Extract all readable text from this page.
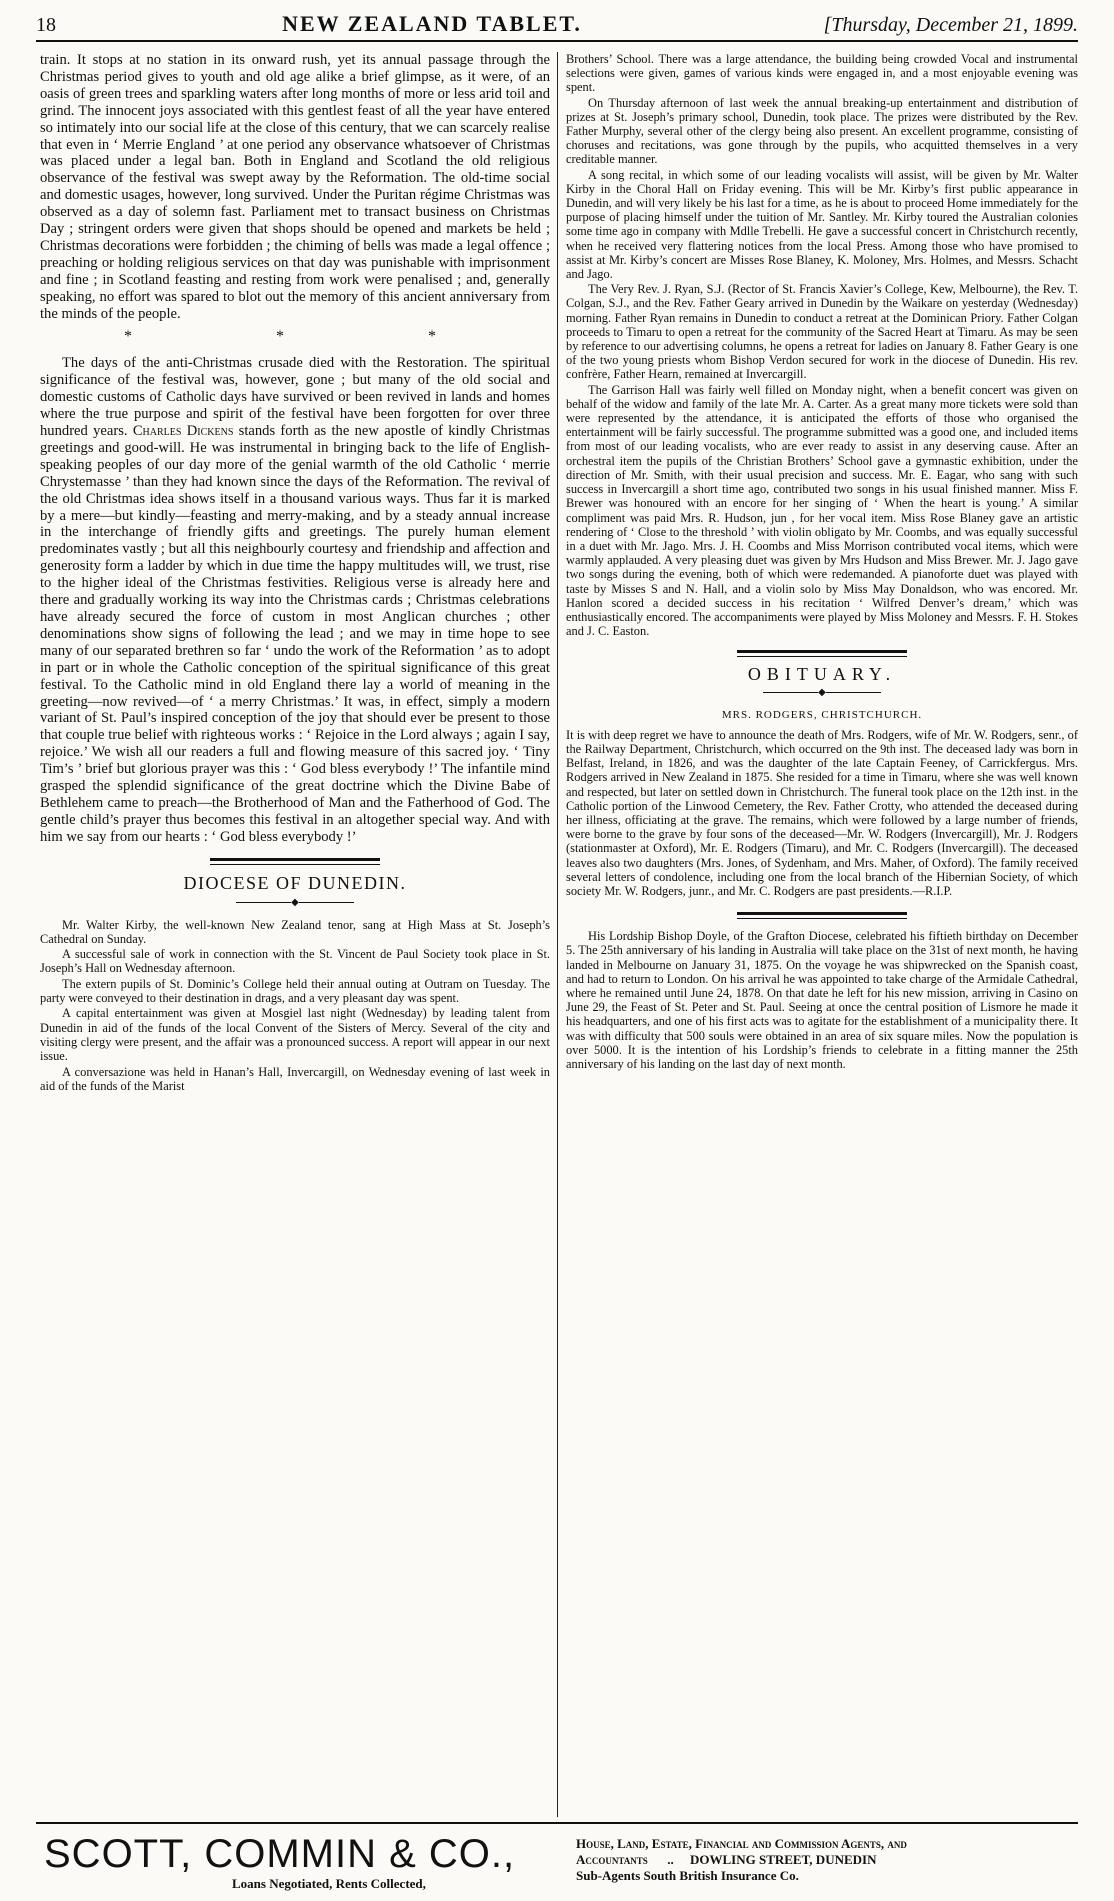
18	NEW ZEALAND TABLET.	[Thursday, December 21, 1899.

train. It stops at no station in its onward rush, yet its annual passage through the Christmas period gives to youth and old age alike a brief glimpse, as it were, of an oasis of green trees and sparkling waters after long months of more or less arid toil and grind. The innocent joys associated with this gentlest feast of all the year have entered so intimately into our social life at the close of this century, that we can scarcely realise that even in ‘ Merrie England ’ at one period any observance whatsoever of Christmas was placed under a legal ban. Both in England and Scotland the old religious observance of the festival was swept away by the Reformation. The old-time social and domestic usages, however, long survived. Under the Puritan régime Christmas was observed as a day of solemn fast. Parliament met to transact business on Christmas Day ; stringent orders were given that shops should be opened and markets be held ; Christmas decorations were forbidden ; the chiming of bells was made a legal offence ; preaching or holding religious services on that day was punishable with imprisonment and fine ; in Scotland feasting and resting from work were penalised ; and, generally speaking, no effort was spared to blot out the memory of this ancient anniversary from the minds of the people.

* * *

The days of the anti-Christmas crusade died with the Restoration. The spiritual significance of the festival was, however, gone ; but many of the old social and domestic customs of Catholic days have survived or been revived in lands and homes where the true purpose and spirit of the festival have been forgotten for over three hundred years. Charles Dickens stands forth as the new apostle of kindly Christmas greetings and good-will. He was instrumental in bringing back to the life of English-speaking peoples of our day more of the genial warmth of the old Catholic ‘ merrie Chrystemasse ’ than they had known since the days of the Reformation. The revival of the old Christmas idea shows itself in a thousand various ways. Thus far it is marked by a mere—but kindly—feasting and merry-making, and by a steady annual increase in the interchange of friendly gifts and greetings. The purely human element predominates vastly ; but all this neighbourly courtesy and friendship and affection and generosity form a ladder by which in due time the happy multitudes will, we trust, rise to the higher ideal of the Christmas festivities. Religious verse is already here and there and gradually working its way into the Christmas cards ; Christmas celebrations have already secured the force of custom in most Anglican churches ; other denominations show signs of following the lead ; and we may in time hope to see many of our separated brethren so far ‘ undo the work of the Reformation ’ as to adopt in part or in whole the Catholic conception of the spiritual significance of this great festival. To the Catholic mind in old England there lay a world of meaning in the greeting—now revived—of ‘ a merry Christmas.’ It was, in effect, simply a modern variant of St. Paul’s inspired conception of the joy that should ever be present to those that couple true belief with righteous works : ‘ Rejoice in the Lord always ; again I say, rejoice.’ We wish all our readers a full and flowing measure of this sacred joy. ‘ Tiny Tim’s ’ brief but glorious prayer was this : ‘ God bless everybody !’ The infantile mind grasped the splendid significance of the great doctrine which the Divine Babe of Bethlehem came to preach—the Brotherhood of Man and the Fatherhood of God. The gentle child’s prayer thus becomes this festival in an altogether special way. And with him we say from our hearts : ‘ God bless everybody !’

DIOCESE OF DUNEDIN.
◆

Mr. Walter Kirby, the well-known New Zealand tenor, sang at High Mass at St. Joseph’s Cathedral on Sunday.

A successful sale of work in connection with the St. Vincent de Paul Society took place in St. Joseph’s Hall on Wednesday afternoon.

The extern pupils of St. Dominic’s College held their annual outing at Outram on Tuesday. The party were conveyed to their destination in drags, and a very pleasant day was spent.

A capital entertainment was given at Mosgiel last night (Wednesday) by leading talent from Dunedin in aid of the funds of the local Convent of the Sisters of Mercy. Several of the city and visiting clergy were present, and the affair was a pronounced success. A report will appear in our next issue.

A conversazione was held in Hanan’s Hall, Invercargill, on Wednesday evening of last week in aid of the funds of the Marist

Brothers’ School. There was a large attendance, the building being crowded Vocal and instrumental selections were given, games of various kinds were engaged in, and a most enjoyable evening was spent.

On Thursday afternoon of last week the annual breaking-up entertainment and distribution of prizes at St. Joseph’s primary school, Dunedin, took place. The prizes were distributed by the Rev. Father Murphy, several other of the clergy being also present. An excellent programme, consisting of choruses and recitations, was gone through by the pupils, who acquitted themselves in a very creditable manner.

A song recital, in which some of our leading vocalists will assist, will be given by Mr. Walter Kirby in the Choral Hall on Friday evening. This will be Mr. Kirby’s first public appearance in Dunedin, and will very likely be his last for a time, as he is about to proceed Home immediately for the purpose of placing himself under the tuition of Mr. Santley. Mr. Kirby toured the Australian colonies some time ago in company with Mdlle Trebelli. He gave a successful concert in Christchurch recently, when he received very flattering notices from the local Press. Among those who have promised to assist at Mr. Kirby’s concert are Misses Rose Blaney, K. Moloney, Mrs. Holmes, and Messrs. Schacht and Jago.

The Very Rev. J. Ryan, S.J. (Rector of St. Francis Xavier’s College, Kew, Melbourne), the Rev. T. Colgan, S.J., and the Rev. Father Geary arrived in Dunedin by the Waikare on yesterday (Wednesday) morning. Father Ryan remains in Dunedin to conduct a retreat at the Dominican Priory. Father Colgan proceeds to Timaru to open a retreat for the community of the Sacred Heart at Timaru. As may be seen by reference to our advertising columns, he opens a retreat for ladies on January 8. Father Geary is one of the two young priests whom Bishop Verdon secured for work in the diocese of Dunedin. His rev. confrère, Father Hearn, remained at Invercargill.

The Garrison Hall was fairly well filled on Monday night, when a benefit concert was given on behalf of the widow and family of the late Mr. A. Carter. As a great many more tickets were sold than were represented by the attendance, it is anticipated the efforts of those who organised the entertainment will be fairly successful. The programme submitted was a good one, and included items from most of our leading vocalists, who are ever ready to assist in any deserving cause. After an orchestral item the pupils of the Christian Brothers’ School gave a gymnastic exhibition, under the direction of Mr. Smith, with their usual precision and success. Mr. E. Eagar, who sang with such success in Invercargill a short time ago, contributed two songs in his usual finished manner. Miss F. Brewer was honoured with an encore for her singing of ‘ When the heart is young.’ A similar compliment was paid Mrs. R. Hudson, jun , for her vocal item. Miss Rose Blaney gave an artistic rendering of ‘ Close to the threshold ’ with violin obligato by Mr. Coombs, and was equally successful in a duet with Mr. Jago. Mrs. J. H. Coombs and Miss Morrison contributed vocal items, which were warmly applauded. A very pleasing duet was given by Mrs Hudson and Miss Brewer. Mr. J. Jago gave two songs during the evening, both of which were redemanded. A pianoforte duet was played with taste by Misses S and N. Hall, and a violin solo by Miss May Donaldson, who was encored. Mr. Hanlon scored a decided success in his recitation ‘ Wilfred Denver’s dream,’ which was enthusiastically encored. The accompaniments were played by Miss Moloney and Messrs. F. H. Stokes and J. C. Easton.

OBITUARY.
◆
MRS. RODGERS, CHRISTCHURCH.

It is with deep regret we have to announce the death of Mrs. Rodgers, wife of Mr. W. Rodgers, senr., of the Railway Department, Christchurch, which occurred on the 9th inst. The deceased lady was born in Belfast, Ireland, in 1826, and was the daughter of the late Captain Feeney, of Carrickfergus. Mrs. Rodgers arrived in New Zealand in 1875. She resided for a time in Timaru, where she was well known and respected, but later on settled down in Christchurch. The funeral took place on the 12th inst. in the Catholic portion of the Linwood Cemetery, the Rev. Father Crotty, who attended the deceased during her illness, officiating at the grave. The remains, which were followed by a large number of friends, were borne to the grave by four sons of the deceased—Mr. W. Rodgers (Invercargill), Mr. J. Rodgers (stationmaster at Oxford), Mr. E. Rodgers (Timaru), and Mr. C. Rodgers (Invercargill). The deceased leaves also two daughters (Mrs. Jones, of Sydenham, and Mrs. Maher, of Oxford). The family received several letters of condolence, including one from the local branch of the Hibernian Society, of which society Mr. W. Rodgers, junr., and Mr. C. Rodgers are past presidents.—R.I.P.

His Lordship Bishop Doyle, of the Grafton Diocese, celebrated his fiftieth birthday on December 5. The 25th anniversary of his landing in Australia will take place on the 31st of next month, he having landed in Melbourne on January 31, 1875. On the voyage he was shipwrecked on the Spanish coast, and had to return to London. On his arrival he was appointed to take charge of the Armidale Cathedral, where he remained until June 24, 1878. On that date he left for his new mission, arriving in Casino on June 29, the Feast of St. Peter and St. Paul. Seeing at once the central position of Lismore he made it his headquarters, and one of his first acts was to agitate for the establishment of a municipality there. It was with difficulty that 500 souls were obtained in an area of six square miles. Now the population is over 5000. It is the intention of his Lordship’s friends to celebrate in a fitting manner the 25th anniversary of his landing on the last day of next month.

SCOTT, COMMIN & CO.,
Loans Negotiated, Rents Collected,
House, Land, Estate, Financial and Commission Agents, and
Accountants .. DOWLING STREET, DUNEDIN
Sub-Agents South British Insurance Co.
